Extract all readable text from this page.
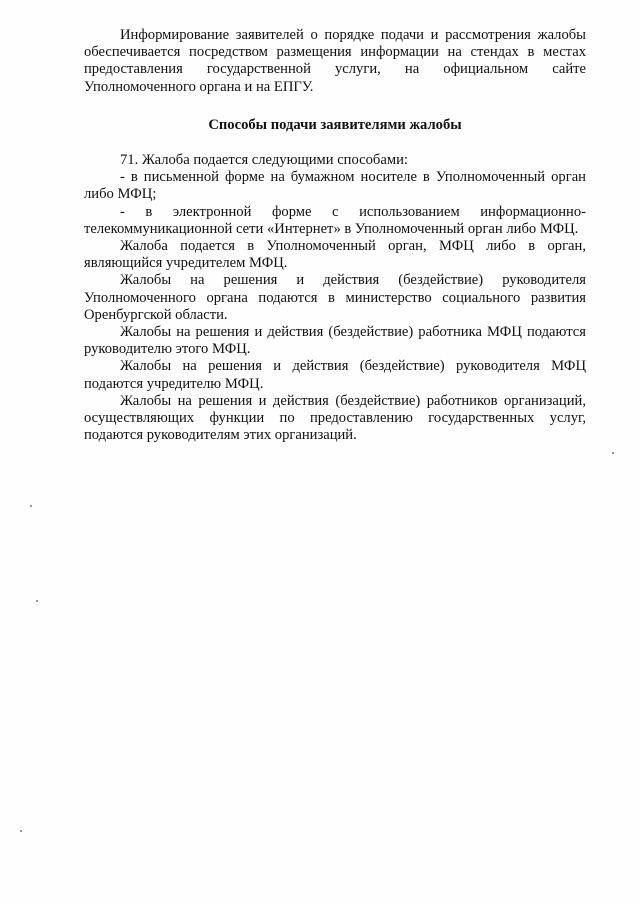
Информирование заявителей о порядке подачи и рассмотрения жалобы обеспечивается посредством размещения информации на стендах в местах предоставления государственной услуги, на официальном сайте Уполномоченного органа и на ЕПГУ.

Способы подачи заявителями жалобы

71. Жалоба подается следующими способами:

- в письменной форме на бумажном носителе в Уполномоченный орган либо МФЦ;

- в электронной форме с использованием информационно-телекоммуникационной сети «Интернет» в Уполномоченный орган либо МФЦ.

Жалоба подается в Уполномоченный орган, МФЦ либо в орган, являющийся учредителем МФЦ.

Жалобы на решения и действия (бездействие) руководителя Уполномоченного органа подаются в министерство социального развития Оренбургской области.

Жалобы на решения и действия (бездействие) работника МФЦ подаются руководителю этого МФЦ.

Жалобы на решения и действия (бездействие) руководителя МФЦ подаются учредителю МФЦ.

Жалобы на решения и действия (бездействие) работников организаций, осуществляющих функции по предоставлению государственных услуг, подаются руководителям этих организаций.
